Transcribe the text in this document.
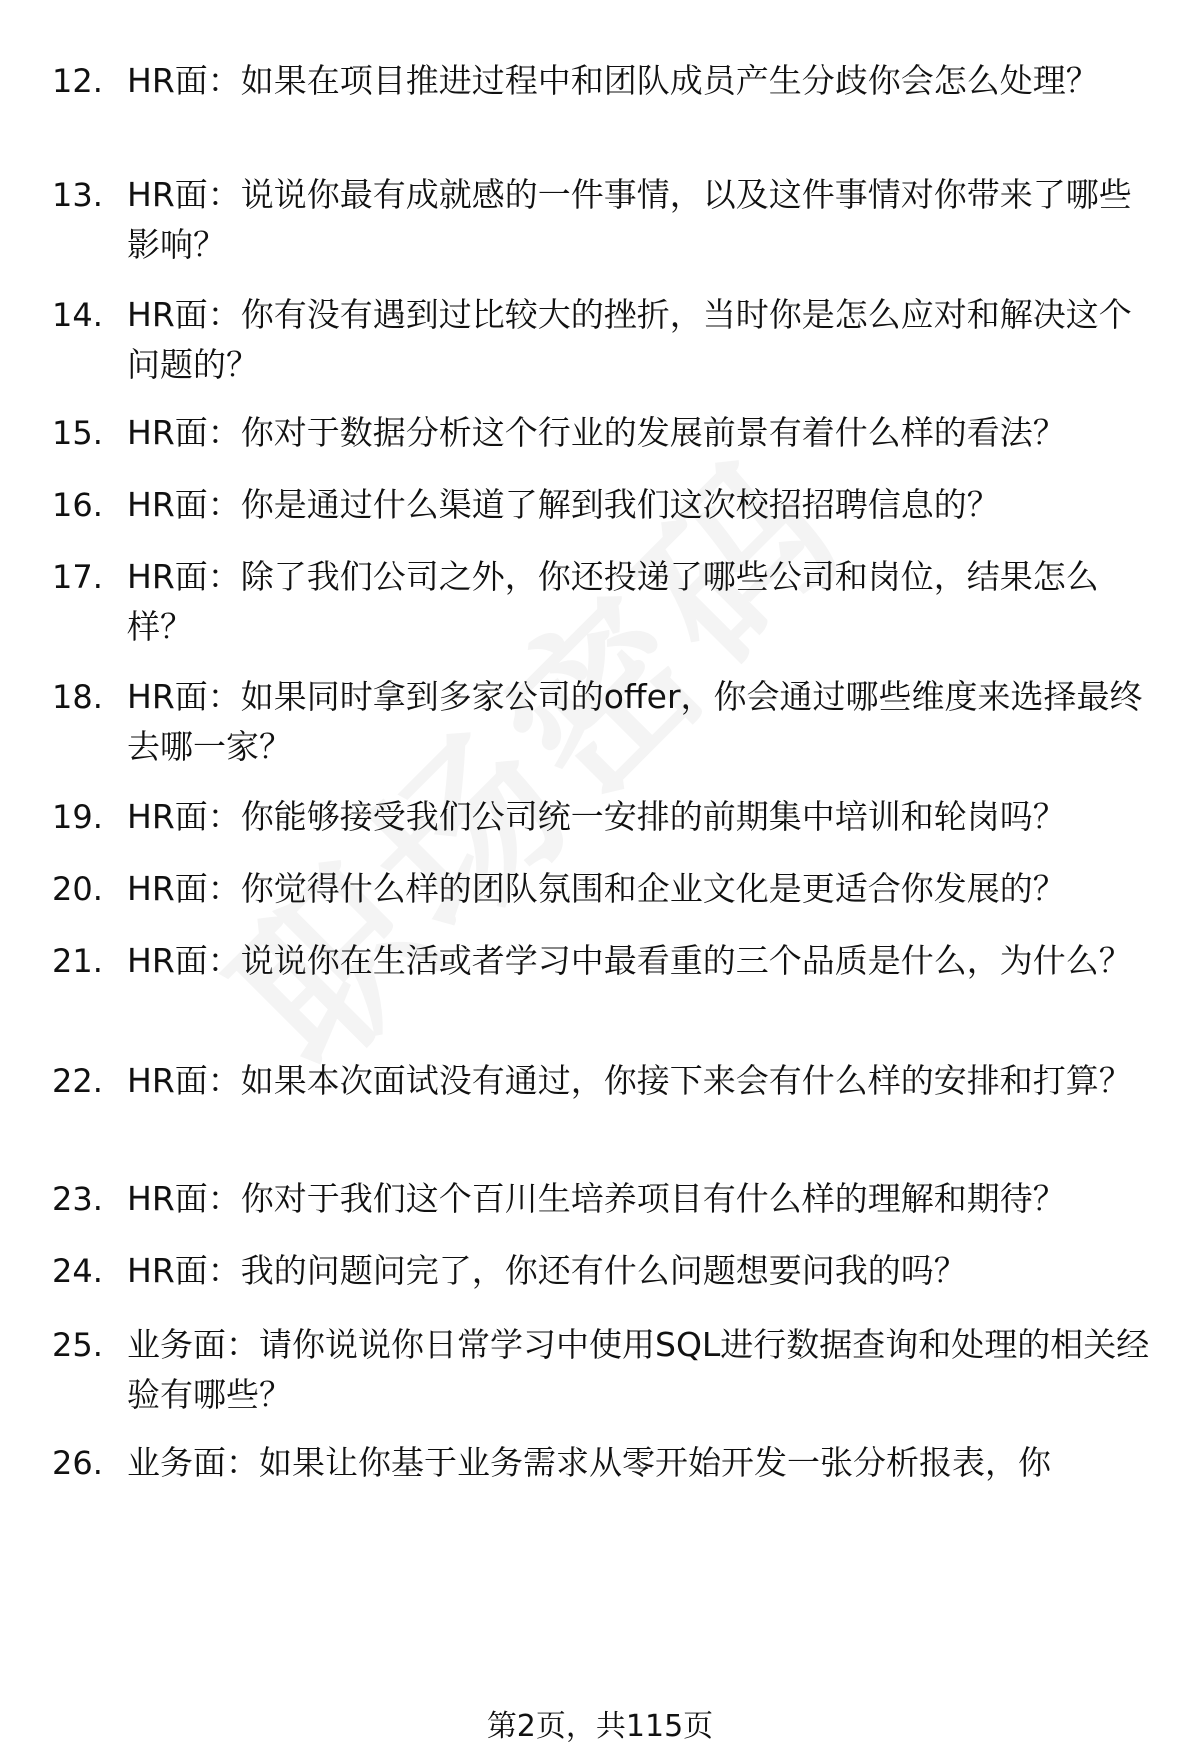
12. HR面：如果在项目推进过程中和团队成员产生分歧你会怎么处理？
13. HR面：说说你最有成就感的一件事情，以及这件事情对你带来了哪些影响？
14. HR面：你有没有遇到过比较大的挫折，当时你是怎么应对和解决这个问题的？
15. HR面：你对于数据分析这个行业的发展前景有着什么样的看法？
16. HR面：你是通过什么渠道了解到我们这次校招招聘信息的？
17. HR面：除了我们公司之外，你还投递了哪些公司和岗位，结果怎么样？
18. HR面：如果同时拿到多家公司的offer，你会通过哪些维度来选择最终去哪一家？
19. HR面：你能够接受我们公司统一安排的前期集中培训和轮岗吗？
20. HR面：你觉得什么样的团队氛围和企业文化是更适合你发展的？
21. HR面：说说你在生活或者学习中最看重的三个品质是什么，为什么？
22. HR面：如果本次面试没有通过，你接下来会有什么样的安排和打算？
23. HR面：你对于我们这个百川生培养项目有什么样的理解和期待？
24. HR面：我的问题问完了，你还有什么问题想要问我的吗？
25. 业务面：请你说说你日常学习中使用SQL进行数据查询和处理的相关经验有哪些？
26. 业务面：如果让你基于业务需求从零开始开发一张分析报表，你
第2页，共115页
